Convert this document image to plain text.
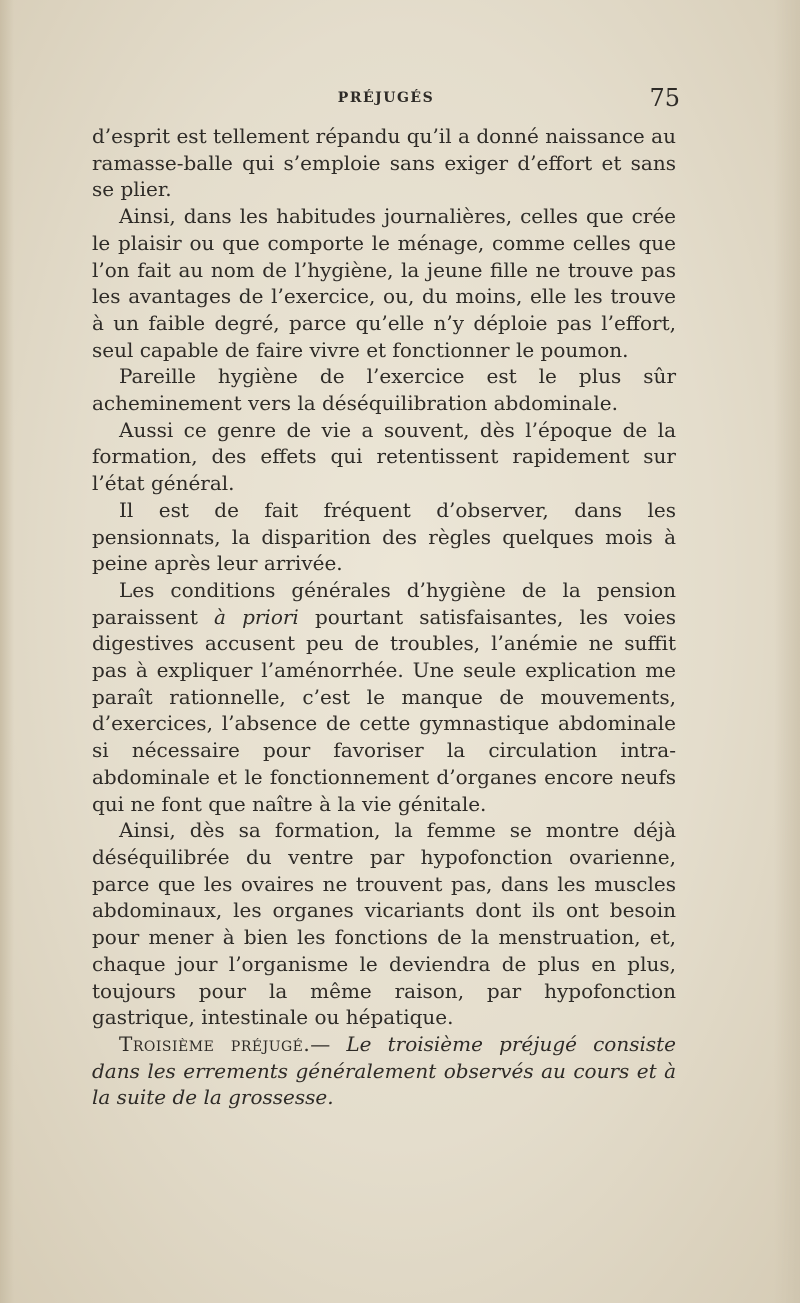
PRÉJUGÉS	75

d’esprit est tellement répandu qu’il a donné naissance au ramasse-balle qui s’emploie sans exiger d’effort et sans se plier.

Ainsi, dans les habitudes journalières, celles que crée le plaisir ou que comporte le ménage, comme celles que l’on fait au nom de l’hygiène, la jeune fille ne trouve pas les avantages de l’exercice, ou, du moins, elle les trouve à un faible degré, parce qu’elle n’y déploie pas l’effort, seul capable de faire vivre et fonctionner le poumon.

Pareille hygiène de l’exercice est le plus sûr acheminement vers la déséquilibration abdominale.

Aussi ce genre de vie a souvent, dès l’époque de la formation, des effets qui retentissent rapidement sur l’état général.

Il est de fait fréquent d’observer, dans les pensionnats, la disparition des règles quelques mois à peine après leur arrivée.

Les conditions générales d’hygiène de la pension paraissent à priori pourtant satisfaisantes, les voies digestives accusent peu de troubles, l’anémie ne suffit pas à expliquer l’aménorrhée. Une seule explication me paraît rationnelle, c’est le manque de mouvements, d’exercices, l’absence de cette gymnastique abdominale si nécessaire pour favoriser la circulation intra-abdominale et le fonctionnement d’organes encore neufs qui ne font que naître à la vie génitale.

Ainsi, dès sa formation, la femme se montre déjà déséquilibrée du ventre par hypofonction ovarienne, parce que les ovaires ne trouvent pas, dans les muscles abdominaux, les organes vicariants dont ils ont besoin pour mener à bien les fonctions de la menstruation, et, chaque jour l’organisme le deviendra de plus en plus, toujours pour la même raison, par hypofonction gastrique, intestinale ou hépatique.

Troisième préjugé.— Le troisième préjugé consiste dans les errements généralement observés au cours et à la suite de la grossesse.
